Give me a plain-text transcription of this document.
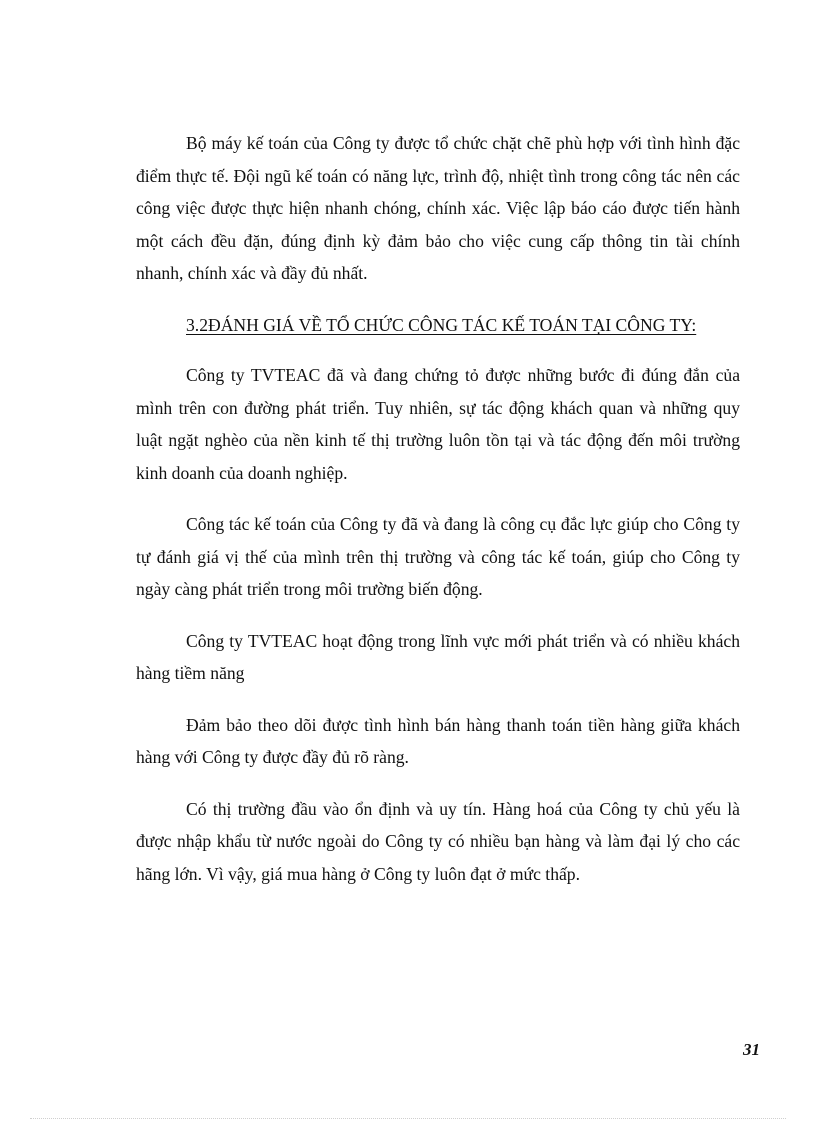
Bộ máy kế toán của Công ty được tổ chức chặt chẽ phù hợp với tình hình đặc điểm thực tế. Đội ngũ kế toán có năng lực, trình độ, nhiệt tình trong công tác nên các công việc được thực hiện nhanh chóng, chính xác. Việc lập báo cáo được tiến hành một cách đều đặn, đúng định kỳ đảm bảo cho việc cung cấp thông tin tài chính nhanh, chính xác và đầy đủ nhất.

3.2ĐÁNH GIÁ VỀ TỔ CHỨC CÔNG TÁC KẾ TOÁN TẠI CÔNG TY:

Công ty TVTEAC đã và đang chứng tỏ được những bước đi đúng đắn của mình trên con đường phát triển. Tuy nhiên, sự tác động khách quan và những quy luật ngặt nghèo của nền kinh tế thị trường luôn tồn tại và tác động đến môi trường kinh doanh của doanh nghiệp.

Công tác kế toán của Công ty đã và đang là công cụ đắc lực giúp cho Công ty tự đánh giá vị thế của mình trên thị trường và công tác kế toán, giúp cho Công ty ngày càng phát triển trong môi trường biến động.

Công ty TVTEAC hoạt động trong lĩnh vực mới phát triển và có nhiều khách hàng tiềm năng

Đảm bảo theo dõi được tình hình bán hàng thanh toán tiền hàng giữa khách hàng với Công ty được đầy đủ rõ ràng.

Có thị trường đầu vào ổn định và uy tín. Hàng hoá của Công ty chủ yếu là được nhập khẩu từ nước ngoài do Công ty có nhiều bạn hàng và làm đại lý cho các hãng lớn. Vì vậy, giá mua hàng ở Công ty luôn đạt ở mức thấp.

31
